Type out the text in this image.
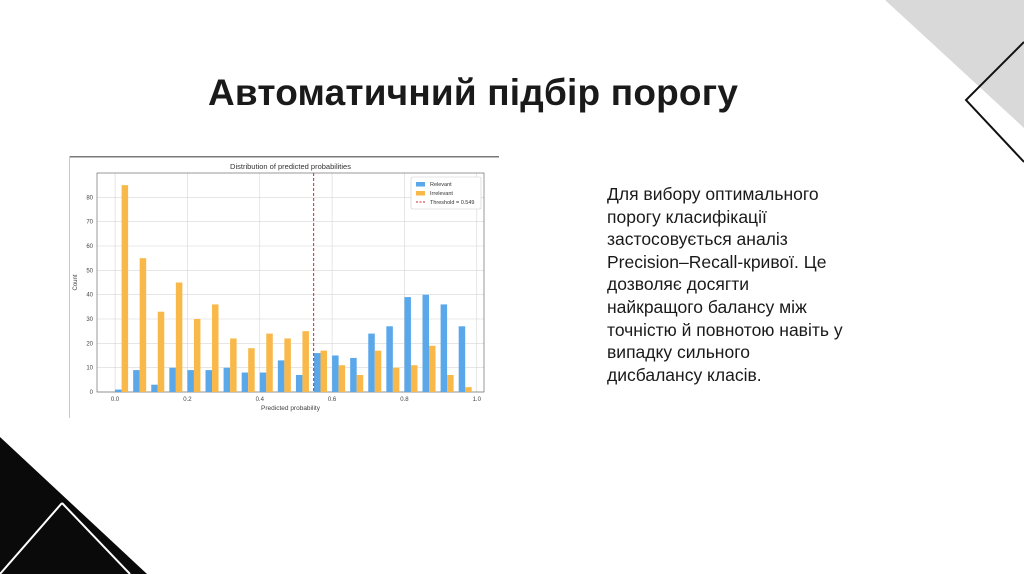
Автоматичний підбір порогу
Distribution of predicted probabilities
0
10
20
30
40
50
60
70
80
0.0	0.2	0.4	0.6	0.8	1.0
Count
Predicted probability
Relevant
Irrelevant
Threshold = 0.549	Для вибору оптимального
порогу класифікації
застосовується аналіз
Precision–Recall-кривої. Це
дозволяє досягти
найкращого балансу між
точністю й повнотою навіть у
випадку сильного
дисбалансу класів.
